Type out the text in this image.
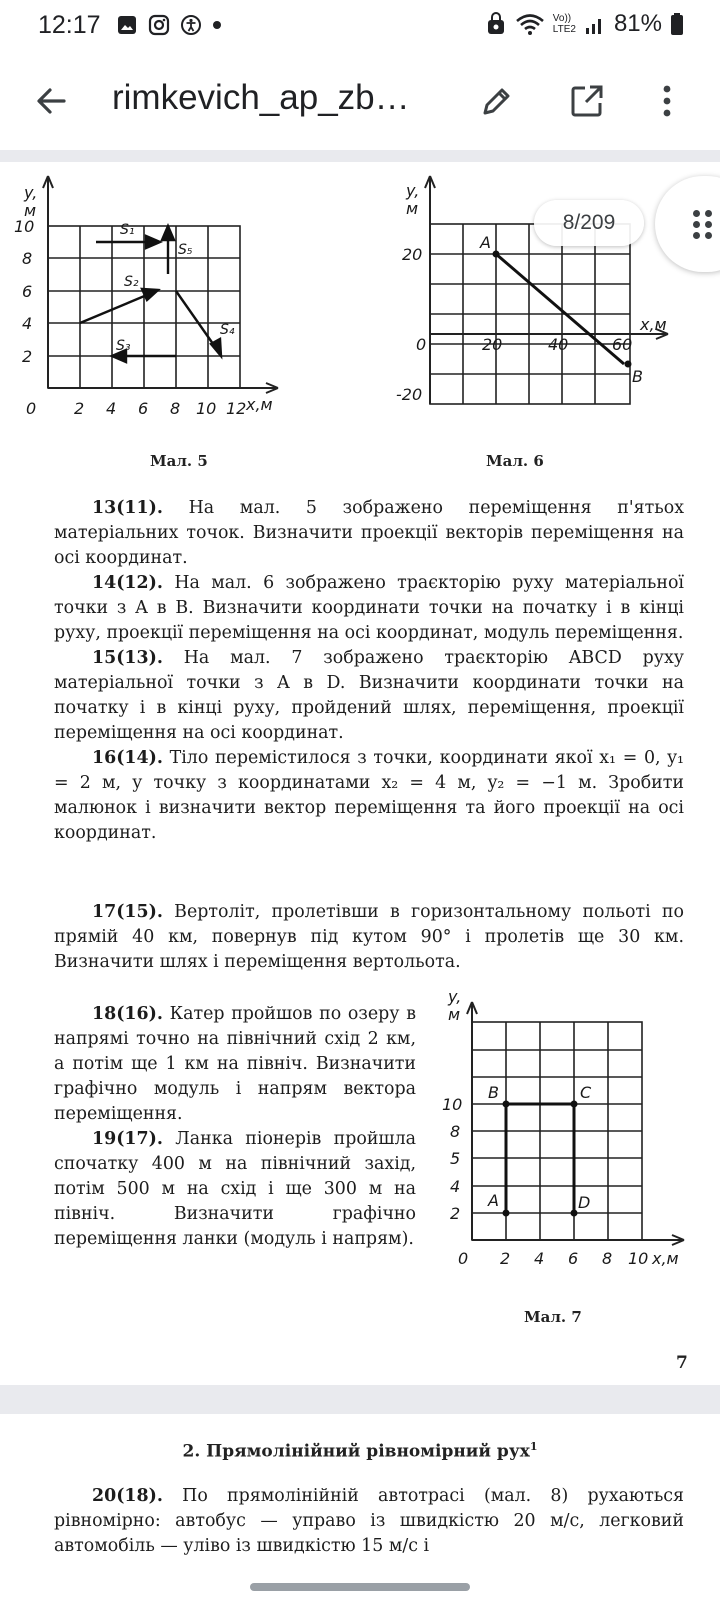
12:17	Vo))
LTE2 81%
rimkevich_ap_zb…
y,
м
x,м
0 2 4 6 8 10 12
2
4
6
8
10	S₁
S₂
S₃
S₄
S₅
Мал. 5
y,
м
x,м
0	20	40	60
20
-20
A
B
Мал. 6

13(11). На мал. 5 зображено переміщення п'ятьох матеріальних точок. Визначити проекції векторів переміщення на осі координат.

14(12). На мал. 6 зображено траєкторію руху матеріальної точки з A в B. Визначити координати точки на початку і в кінці руху, проекції переміщення на осі координат, модуль переміщення.

15(13). На мал. 7 зображено траєкторію ABCD руху матеріальної точки з A в D. Визначити координати точки на початку і в кінці руху, пройдений шлях, переміщення, проекції переміщення на осі координат.

16(14). Тіло перемістилося з точки, координати якої x₁ = 0, y₁ = 2 м, у точку з координатами x₂ = 4 м, y₂ = −1 м. Зробити малюнок і визначити вектор переміщення та його проекції на осі координат.

17(15). Вертоліт, пролетівши в горизонтальному польоті по прямій 40 км, повернув під кутом 90° і пролетів ще 30 км. Визначити шлях і переміщення вертольота.

18(16). Катер пройшов по озеру в напрямі точно на північний схід 2 км, а потім ще 1 км на північ. Визначити графічно модуль і напрям вектора переміщення.

19(17). Ланка піонерів пройшла спочатку 400 м на північний захід, потім 500 м на схід і ще 300 м на північ. Визначити графічно переміщення ланки (модуль і напрям).

y,
м
x,м
0 2 4 6 8 10
2
4
5
8
10
A
B	C
D
Мал. 7
7
2. Прямолінійний рівномірний рух$^1$

20(18). По прямолінійній автотрасі (мал. 8) рухаються рівномірно: автобус — управо із швидкістю 20 м/с, легковий автомобіль — уліво із швидкістю 15 м/с і

8/209
